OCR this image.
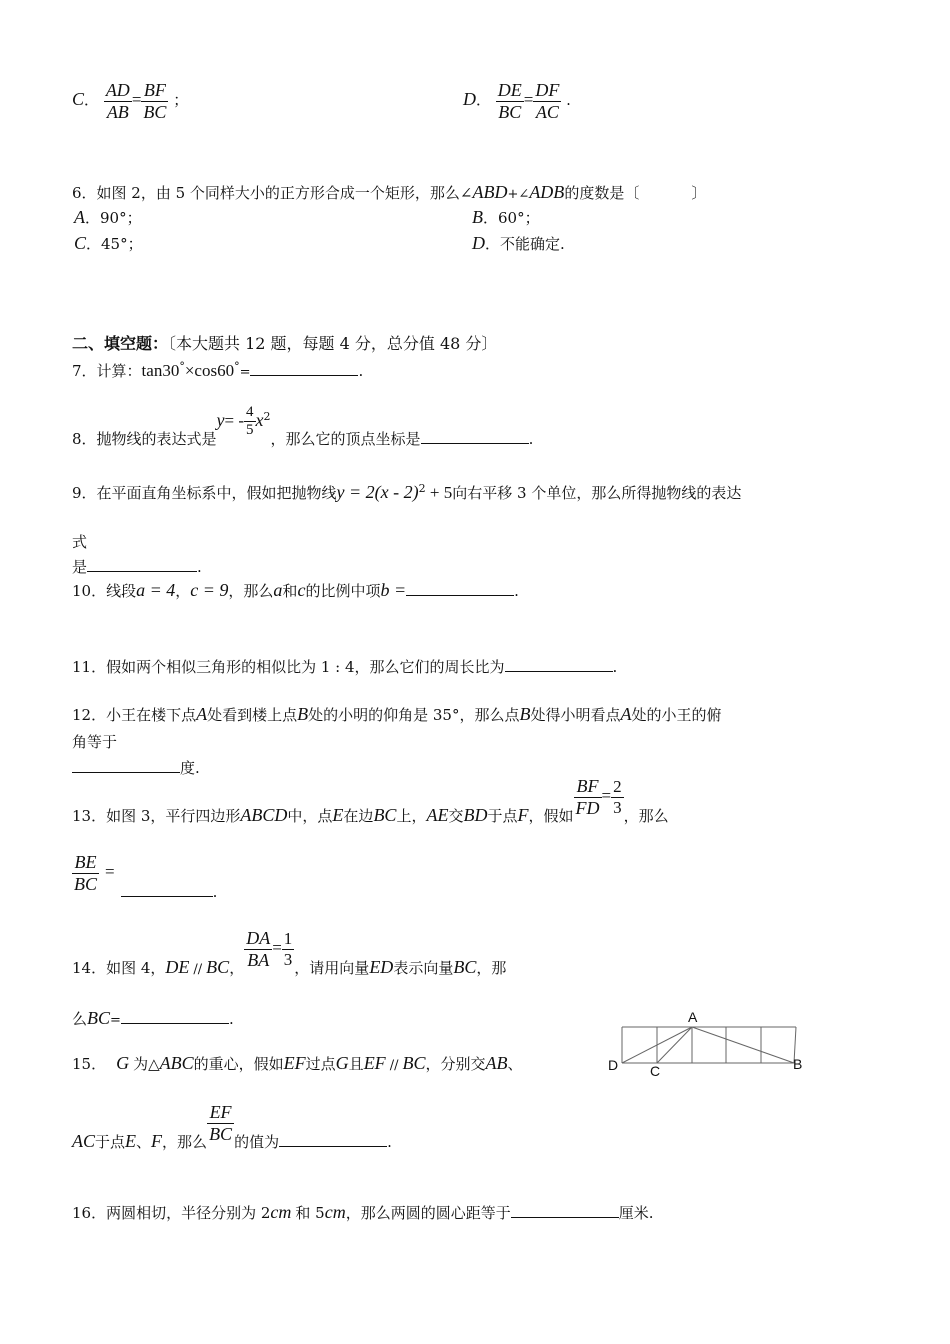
C． $\frac{AD}{AB} = \frac{BF}{BC}$ ；	D． $\frac{DE}{BC} = \frac{DF}{AC}$ .
6．如图 2，由 5 个同样大小的正方形合成一个矩形，那么∠ABD+∠ADB的度数是〔	〕
A．90°；	B．60°；
C．45°；	D．不能确定.
二、填空题：〔本大题共 12 题，每题 4 分，总分值 48 分〕
7．计算：tan30°×cos60°=	.
8．抛物线的表达式是$y= - \frac{4}{5} x^2$，那么它的顶点坐标是	.
9．在平面直角坐标系中，假如把抛物线y = 2(x - 2)$^2$ + 5向右平移 3 个单位，那么所得抛物线的表达
式
是	.
10．线段a = 4，c = 9，那么a和c的比例中项b =	.
11．假如两个相似三角形的相似比为 1 : 4，那么它们的周长比为	.
12．小王在楼下点A处看到楼上点B处的小明的仰角是 35°，那么点B处得小明看点A处的小王的俯
角等于
度.
13．如图 3，平行四边形ABCD中，点E在边BC上，AE交BD于点F，假如 $\frac{BF}{FD} = \frac{2}{3}$ ，那么
$\frac{BE}{BC}$ =.
14．如图 4，DE // BC， $\frac{DA}{BA} = \frac{1}{3}$ ，请用向量ED表示向量BC，那
么BC=	.	A
B
C
D
15． G 为△ABC的重心，假如EF过点G且EF // BC，分别交AB、
AC于点E、F，那么 $\frac{EF}{BC}$ 的值为	.
16．两圆相切，半径分别为 2cm 和 5cm，那么两圆的圆心距等于	厘米.
